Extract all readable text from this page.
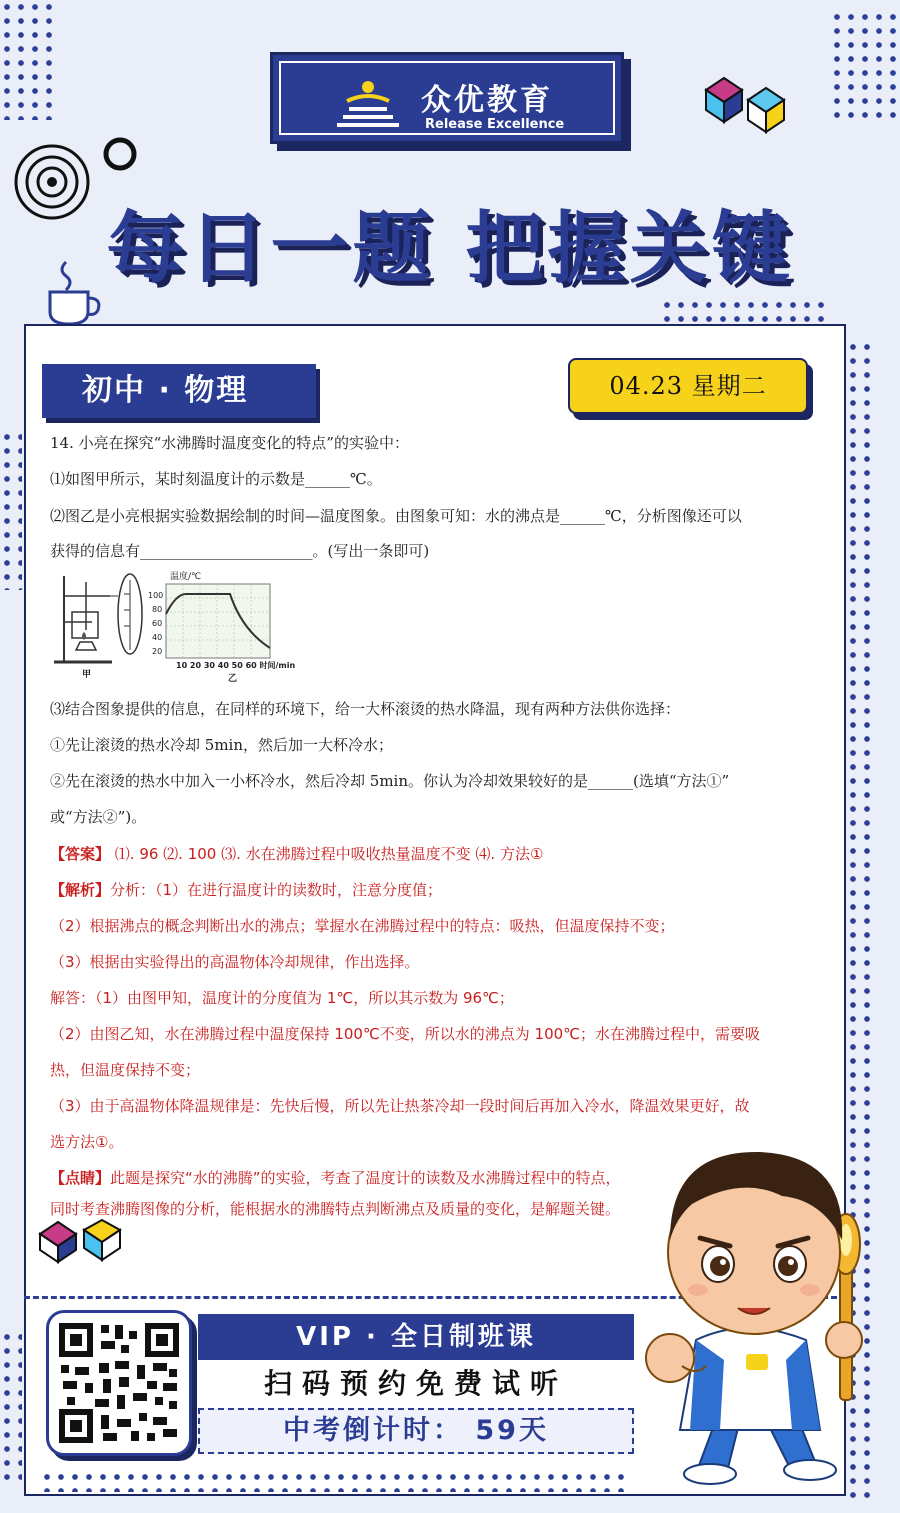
众优教育
Release Excellence
每日一题 把握关键
初中 · 物理	04.23 星期二
14. 小亮在探究“水沸腾时温度变化的特点”的实验中：
⑴如图甲所示，某时刻温度计的示数是______℃。
⑵图乙是小亮根据实验数据绘制的时间—温度图象。由图象可知：水的沸点是______℃，分析图像还可以
获得的信息有_______________________。(写出一条即可)
温度/℃
100
80
60
40
20
10 20 30 40 50 60 时间/min
甲	乙
⑶结合图象提供的信息，在同样的环境下，给一大杯滚烫的热水降温，现有两种方法供你选择：
①先让滚烫的热水冷却 5min，然后加一大杯冷水；
②先在滚烫的热水中加入一小杯冷水，然后冷却 5min。你认为冷却效果较好的是______(选填“方法①”
或“方法②”)。
【答案】 ⑴. 96 ⑵. 100 ⑶. 水在沸腾过程中吸收热量温度不变 ⑷. 方法①
【解析】分析：（1）在进行温度计的读数时，注意分度值；
（2）根据沸点的概念判断出水的沸点；掌握水在沸腾过程中的特点：吸热，但温度保持不变；
（3）根据由实验得出的高温物体冷却规律，作出选择。
解答：（1）由图甲知，温度计的分度值为 1℃，所以其示数为 96℃；
（2）由图乙知，水在沸腾过程中温度保持 100℃不变，所以水的沸点为 100℃；水在沸腾过程中，需要吸
热，但温度保持不变；
（3）由于高温物体降温规律是：先快后慢，所以先让热茶冷却一段时间后再加入冷水，降温效果更好，故
选方法①。
【点睛】此题是探究“水的沸腾”的实验，考查了温度计的读数及水沸腾过程中的特点，
同时考查沸腾图像的分析，能根据水的沸腾特点判断沸点及质量的变化，是解题关键。
VIP · 全日制班课
扫码预约免费试听
中考倒计时： 59天
